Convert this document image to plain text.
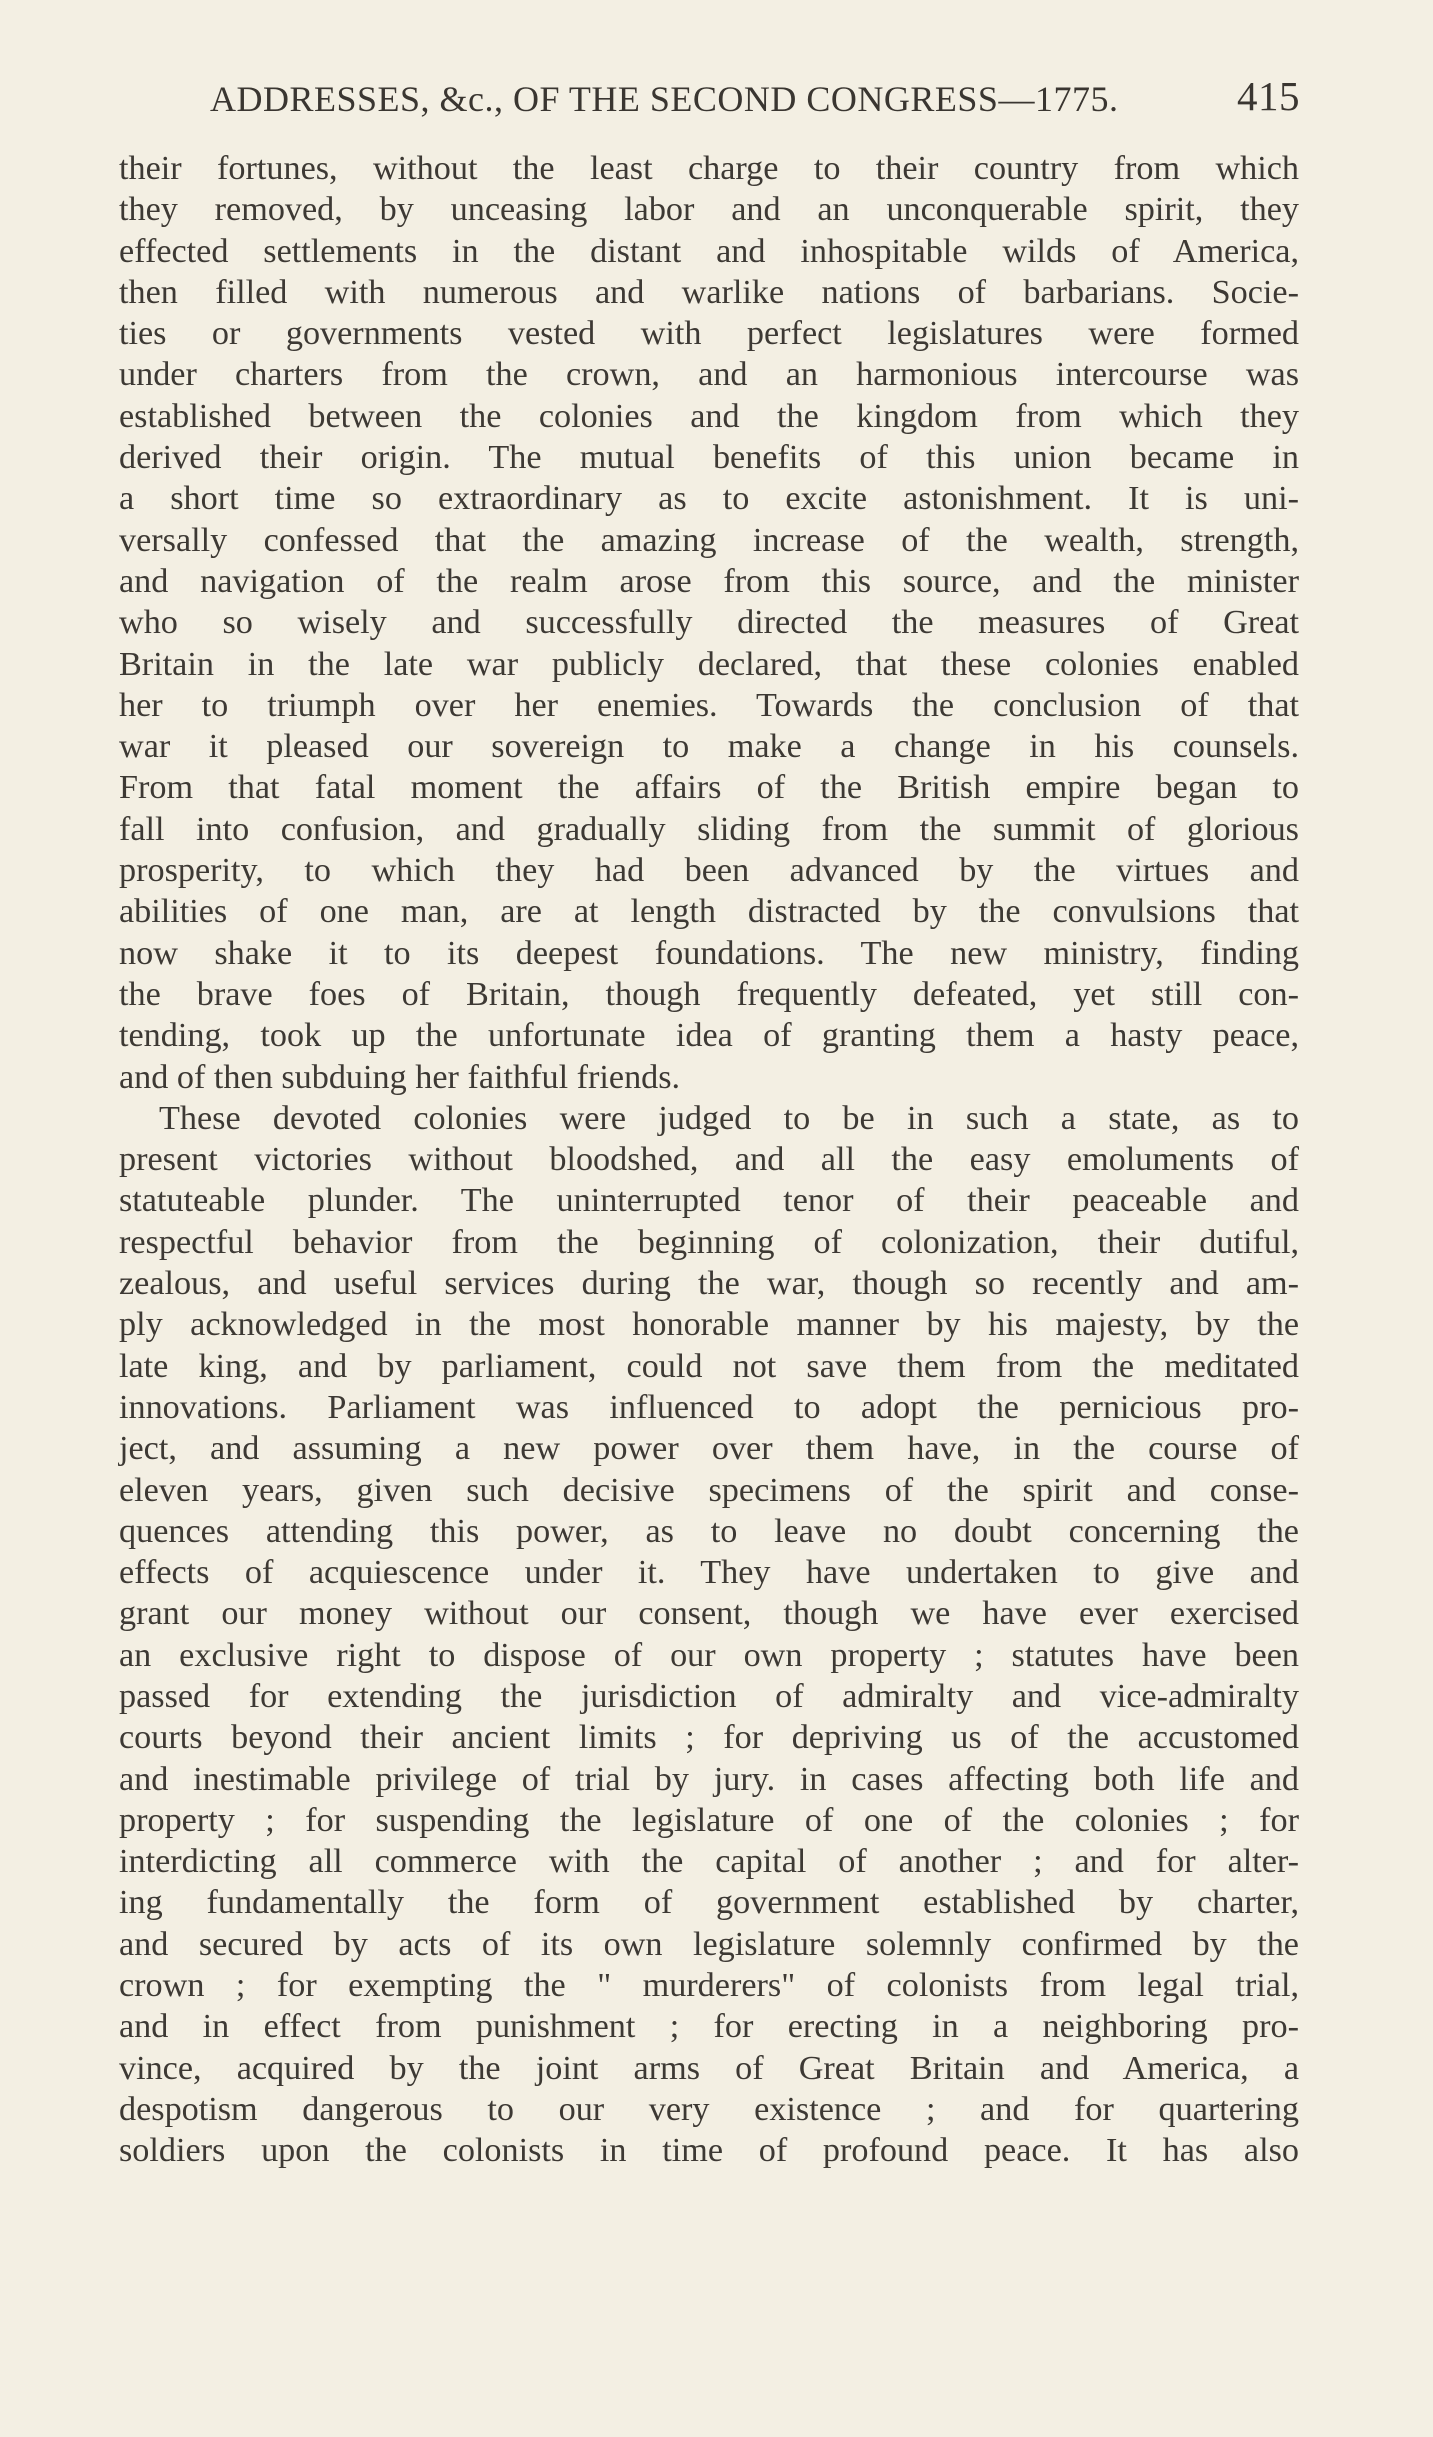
ADDRESSES, &c., OF THE SECOND CONGRESS—1775.	415
their fortunes, without the least charge to their country from which
they removed, by unceasing labor and an unconquerable spirit, they
effected settlements in the distant and inhospitable wilds of America,
then filled with numerous and warlike nations of barbarians. Socie-
ties or governments vested with perfect legislatures were formed
under charters from the crown, and an harmonious intercourse was
established between the colonies and the kingdom from which they
derived their origin. The mutual benefits of this union became in
a short time so extraordinary as to excite astonishment. It is uni-
versally confessed that the amazing increase of the wealth, strength,
and navigation of the realm arose from this source, and the minister
who so wisely and successfully directed the measures of Great
Britain in the late war publicly declared, that these colonies enabled
her to triumph over her enemies. Towards the conclusion of that
war it pleased our sovereign to make a change in his counsels.
From that fatal moment the affairs of the British empire began to
fall into confusion, and gradually sliding from the summit of glorious
prosperity, to which they had been advanced by the virtues and
abilities of one man, are at length distracted by the convulsions that
now shake it to its deepest foundations. The new ministry, finding
the brave foes of Britain, though frequently defeated, yet still con-
tending, took up the unfortunate idea of granting them a hasty peace,
and of then subduing her faithful friends.
These devoted colonies were judged to be in such a state, as to
present victories without bloodshed, and all the easy emoluments of
statuteable plunder. The uninterrupted tenor of their peaceable and
respectful behavior from the beginning of colonization, their dutiful,
zealous, and useful services during the war, though so recently and am-
ply acknowledged in the most honorable manner by his majesty, by the
late king, and by parliament, could not save them from the meditated
innovations. Parliament was influenced to adopt the pernicious pro-
ject, and assuming a new power over them have, in the course of
eleven years, given such decisive specimens of the spirit and conse-
quences attending this power, as to leave no doubt concerning the
effects of acquiescence under it. They have undertaken to give and
grant our money without our consent, though we have ever exercised
an exclusive right to dispose of our own property ; statutes have been
passed for extending the jurisdiction of admiralty and vice-admiralty
courts beyond their ancient limits ; for depriving us of the accustomed
and inestimable privilege of trial by jury. in cases affecting both life and
property ; for suspending the legislature of one of the colonies ; for
interdicting all commerce with the capital of another ; and for alter-
ing fundamentally the form of government established by charter,
and secured by acts of its own legislature solemnly confirmed by the
crown ; for exempting the " murderers" of colonists from legal trial,
and in effect from punishment ; for erecting in a neighboring pro-
vince, acquired by the joint arms of Great Britain and America, a
despotism dangerous to our very existence ; and for quartering
soldiers upon the colonists in time of profound peace. It has also
